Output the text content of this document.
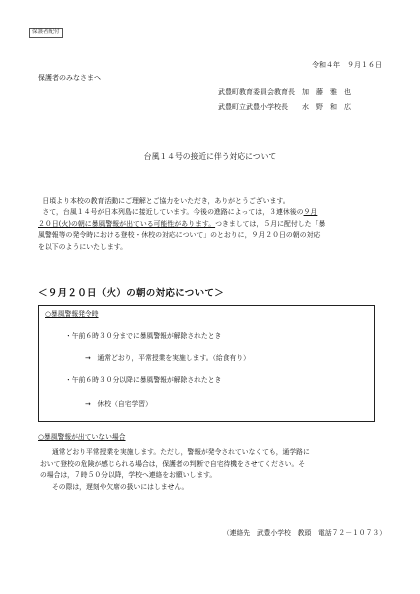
保護者配付
令和４年　９月１６日
保護者のみなさまへ
武豊町教育委員会教育長　加　藤　雅　也
武豊町立武豊小学校長　　水　野　和　広
台風１４号の接近に伴う対応について

日頃より本校の教育活動にご理解とご協力をいただき，ありがとうございます。

さて，台風１４号が日本列島に接近しています。今後の進路によっては，３連休後の９月

２０日(火)の朝に暴風警報が出ている可能性があります。つきましては，５月に配付した「暴

風警報等の発令時における登校・休校の対応について」のとおりに，９月２０日の朝の対応

を以下のようにいたします。

＜９月２０日（火）の朝の対応について＞
○暴風警報発令時
・午前６時３０分までに暴風警報が解除されたとき
→　通常どおり，平常授業を実施します。（給食有り）
・午前６時３０分以降に暴風警報が解除されたとき
→　休校（自宅学習）
○暴風警報が出ていない場合

通常どおり平常授業を実施します。ただし，警報が発令されていなくても，通学路に

おいて登校の危険が感じられる場合は，保護者の判断で自宅待機をさせてください。そ

の場合は，７時５０分以降，学校へ連絡をお願いします。

その際は，遅刻や欠席の扱いにはしません。

（連絡先　武豊小学校　教頭　電話７２－１０７３）
